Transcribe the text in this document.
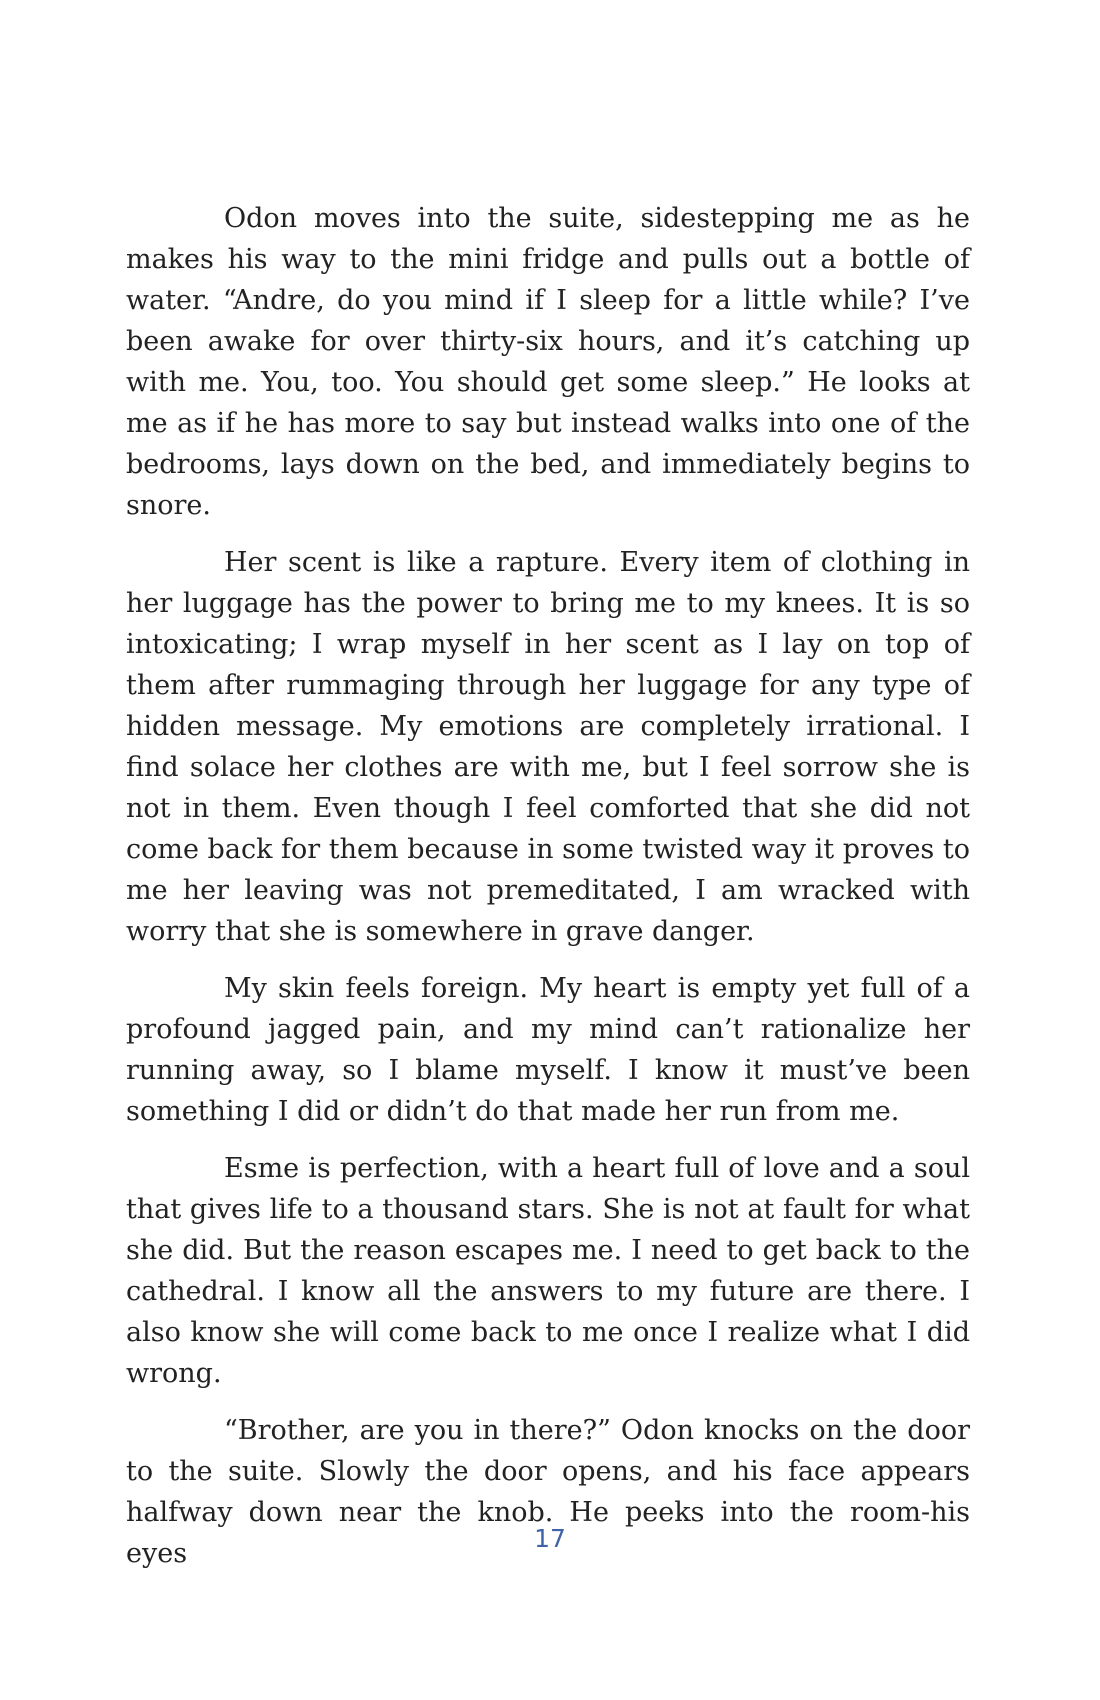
Odon moves into the suite, sidestepping me as he makes his way to the mini fridge and pulls out a bottle of water. “Andre, do you mind if I sleep for a little while? I’ve been awake for over thirty-six hours, and it’s catching up with me. You, too. You should get some sleep.” He looks at me as if he has more to say but instead walks into one of the bedrooms, lays down on the bed, and immediately begins to snore.

Her scent is like a rapture. Every item of clothing in her luggage has the power to bring me to my knees. It is so intoxicating; I wrap myself in her scent as I lay on top of them after rummaging through her luggage for any type of hidden message. My emotions are completely irrational. I find solace her clothes are with me, but I feel sorrow she is not in them. Even though I feel comforted that she did not come back for them because in some twisted way it proves to me her leaving was not premeditated, I am wracked with worry that she is somewhere in grave danger.

My skin feels foreign. My heart is empty yet full of a profound jagged pain, and my mind can’t rationalize her running away, so I blame myself. I know it must’ve been something I did or didn’t do that made her run from me.

Esme is perfection, with a heart full of love and a soul that gives life to a thousand stars. She is not at fault for what she did. But the reason escapes me. I need to get back to the cathedral. I know all the answers to my future are there. I also know she will come back to me once I realize what I did wrong.

“Brother, are you in there?” Odon knocks on the door to the suite. Slowly the door opens, and his face appears halfway down near the knob. He peeks into the room-his eyes	17
